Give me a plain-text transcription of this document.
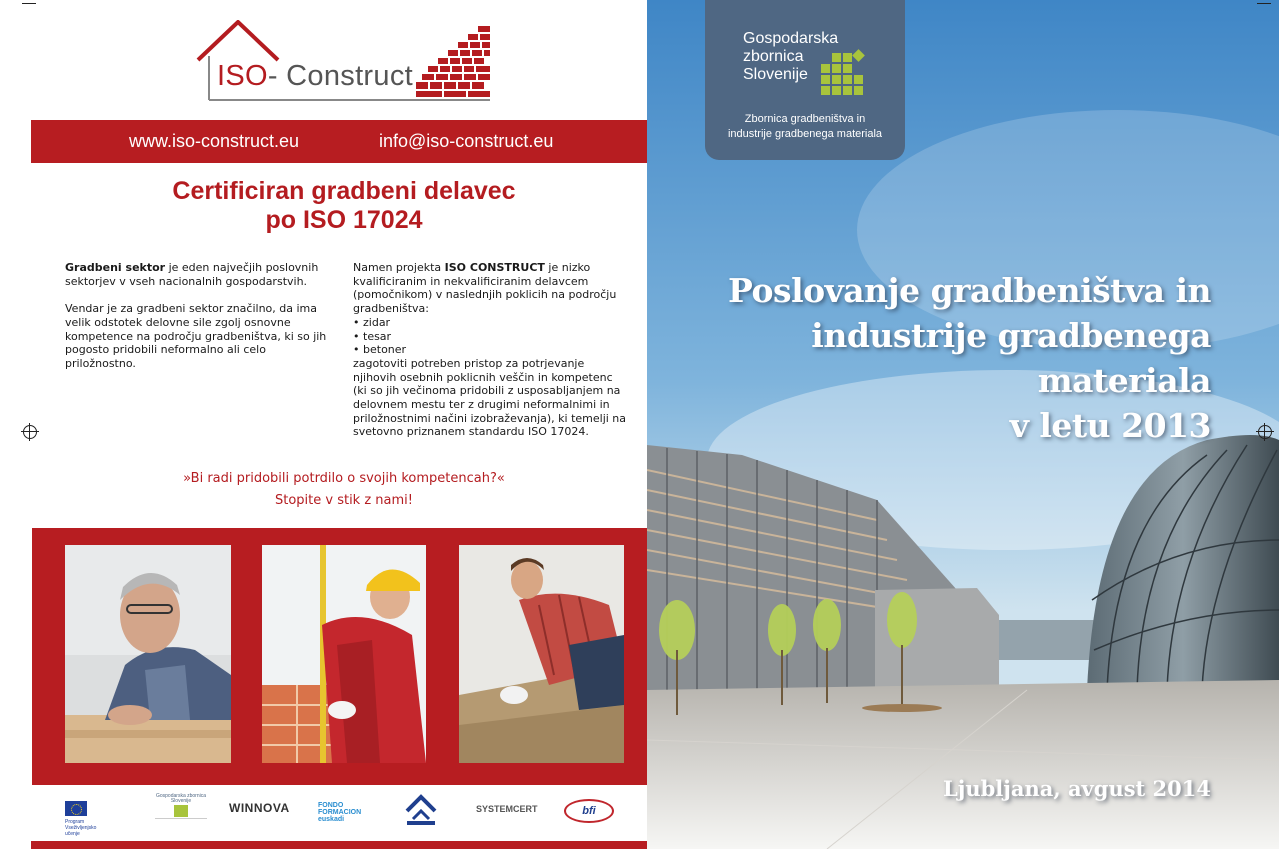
ISO- Construct
www.iso-construct.eu	info@iso-construct.eu
Certificiran gradbeni delavec
po ISO 17024

Gradbeni sektor je eden največjih poslovnih sektorjev v vseh nacionalnih gospodarstvih.

Vendar je za gradbeni sektor značilno, da ima velik odstotek delovne sile zgolj osnovne kompetence na področju gradbeništva, ki so jih pogosto pridobili neformalno ali celo priložnostno.

Namen projekta ISO CONSTRUCT je nizko kvalificiranim in nekvalificiranim delavcem (pomočnikom) v naslednjih poklicih na področju gradbeništva:
• zidar
• tesar
• betoner
zagotoviti potreben pristop za potrjevanje njihovih osebnih poklicnih veščin in kompetenc (ki so jih večinoma pridobili z usposabljanjem na delovnem mestu ter z drugimi neformalnimi in priložnostnimi načini izobraževanja), ki temelji na svetovno priznanem standardu ISO 17024.
»Bi radi pridobili potrdilo o svojih kompetencah?«
Stopite v stik z nami!
Program Vseživljenjsko učenje
Gospodarska zbornica Slovenije	WINNOVA	FONDO FORMACION euskadi
SYSTEMCERT	bfi
Gospodarska
zbornica
Slovenije
Zbornica gradbeništva in
industrije gradbenega materiala
Poslovanje gradbeništva in
industrije gradbenega materiala
v letu 2013
Ljubljana, avgust 2014
